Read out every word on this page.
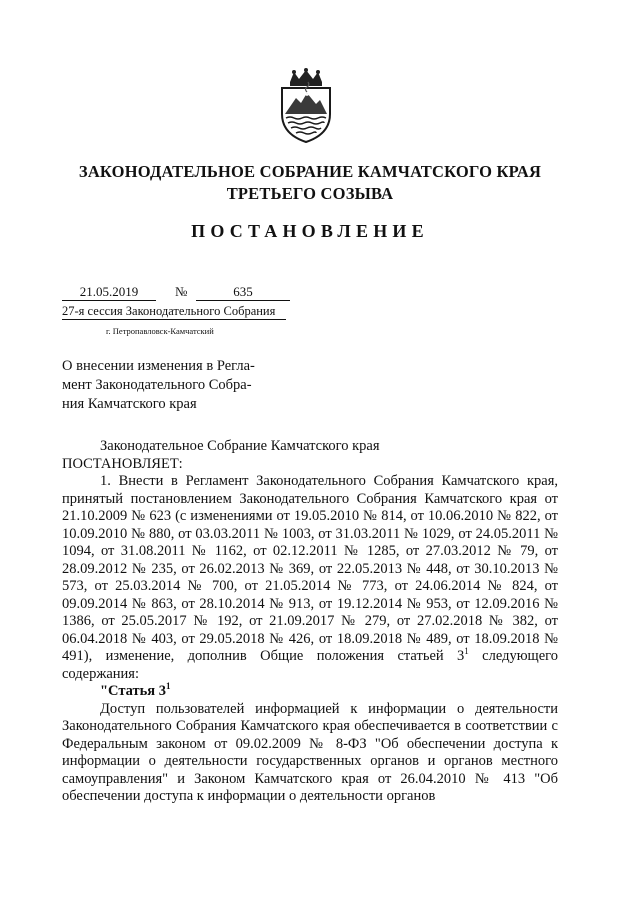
ЗАКОНОДАТЕЛЬНОЕ СОБРАНИЕ КАМЧАТСКОГО КРАЯ
ТРЕТЬЕГО СОЗЫВА
ПОСТАНОВЛЕНИЕ
21.05.2019	№	635
27-я сессия Законодательного Собрания
г. Петропавловск-Камчатский
О внесении изменения в Регла-
мент Законодательного Собра-
ния Камчатского края

Законодательное Собрание Камчатского края

ПОСТАНОВЛЯЕТ:

1. Внести в Регламент Законодательного Собрания Камчатского края, принятый постановлением Законодательного Собрания Камчатского края от 21.10.2009 № 623 (с изменениями от 19.05.2010 № 814, от 10.06.2010 № 822, от 10.09.2010 № 880, от 03.03.2011 № 1003, от 31.03.2011 № 1029, от 24.05.2011 № 1094, от 31.08.2011 № 1162, от 02.12.2011 № 1285, от 27.03.2012 № 79, от 28.09.2012 № 235, от 26.02.2013 № 369, от 22.05.2013 № 448, от 30.10.2013 № 573, от 25.03.2014 № 700, от 21.05.2014 № 773, от 24.06.2014 № 824, от 09.09.2014 № 863, от 28.10.2014 № 913, от 19.12.2014 № 953, от 12.09.2016 № 1386, от 25.05.2017 № 192, от 21.09.2017 № 279, от 27.02.2018 № 382, от 06.04.2018 № 403, от 29.05.2018 № 426, от 18.09.2018 № 489, от 18.09.2018 № 491), изменение, дополнив Общие положения статьей $3^1$ следующего содержания:

"Статья $3^1$

Доступ пользователей информацией к информации о деятельности Законодательного Собрания Камчатского края обеспечивается в соответствии с Федеральным законом от 09.02.2009 № 8-ФЗ "Об обеспечении доступа к информации о деятельности государственных органов и органов местного самоуправления" и Законом Камчатского края от 26.04.2010 № 413 "Об обеспечении доступа к информации о деятельности органов
